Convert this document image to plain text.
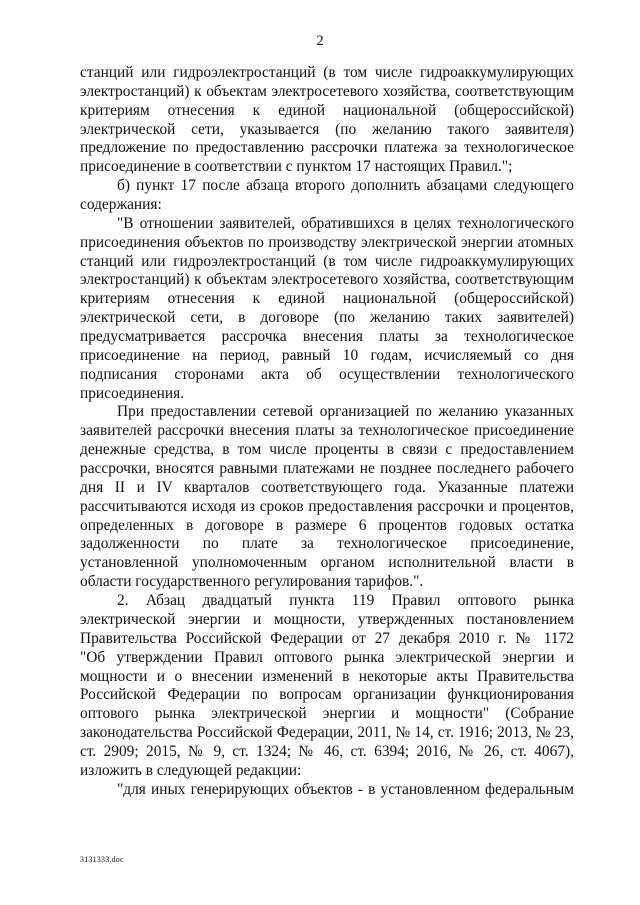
2
станций или гидроэлектростанций (в том числе гидроаккумулирующих
электростанций) к объектам электросетевого хозяйства, соответствующим
критериям отнесения к единой национальной (общероссийской)
электрической сети, указывается (по желанию такого заявителя)
предложение по предоставлению рассрочки платежа за технологическое
присоединение в соответствии с пунктом 17 настоящих Правил.";
б) пункт 17 после абзаца второго дополнить абзацами следующего
содержания:
"В отношении заявителей, обратившихся в целях технологического
присоединения объектов по производству электрической энергии атомных
станций или гидроэлектростанций (в том числе гидроаккумулирующих
электростанций) к объектам электросетевого хозяйства, соответствующим
критериям отнесения к единой национальной (общероссийской)
электрической сети, в договоре (по желанию таких заявителей)
предусматривается рассрочка внесения платы за технологическое
присоединение на период, равный 10 годам, исчисляемый со дня
подписания сторонами акта об осуществлении технологического
присоединения.
При предоставлении сетевой организацией по желанию указанных
заявителей рассрочки внесения платы за технологическое присоединение
денежные средства, в том числе проценты в связи с предоставлением
рассрочки, вносятся равными платежами не позднее последнего рабочего
дня II и IV кварталов соответствующего года. Указанные платежи
рассчитываются исходя из сроков предоставления рассрочки и процентов,
определенных в договоре в размере 6 процентов годовых остатка
задолженности по плате за технологическое присоединение,
установленной уполномоченным органом исполнительной власти в
области государственного регулирования тарифов.".
2. Абзац двадцатый пункта 119 Правил оптового рынка
электрической энергии и мощности, утвержденных постановлением
Правительства Российской Федерации от 27 декабря 2010 г. № 1172
"Об утверждении Правил оптового рынка электрической энергии и
мощности и о внесении изменений в некоторые акты Правительства
Российской Федерации по вопросам организации функционирования
оптового рынка электрической энергии и мощности" (Собрание
законодательства Российской Федерации, 2011, № 14, ст. 1916; 2013, № 23,
ст. 2909; 2015, № 9, ст. 1324; № 46, ст. 6394; 2016, № 26, ст. 4067),
изложить в следующей редакции:
"для иных генерирующих объектов - в установленном федеральным
3131333.doc
